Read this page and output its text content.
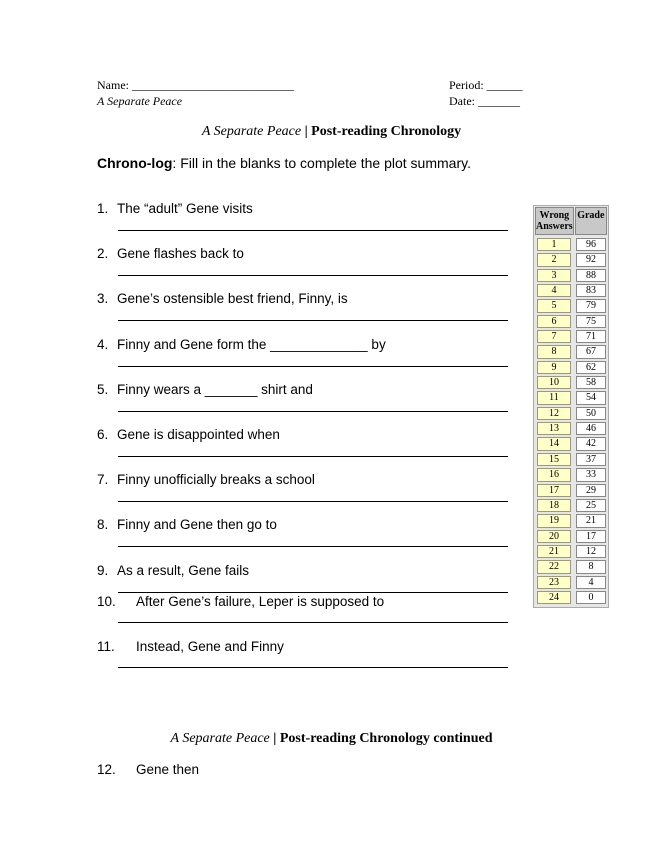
Name: ___________________________
A Separate Peace
Period: ______
Date: _______
A Separate Peace | Post-reading Chronology
Chrono-log: Fill in the blanks to complete the plot summary.
1. The “adult” Gene visits
2. Gene flashes back to
3. Gene’s ostensible best friend, Finny, is
4. Finny and Gene form the _____________ by
5. Finny wears a _______ shirt and
6. Gene is disappointed when
7. Finny unofficially breaks a school
8. Finny and Gene then go to
9. As a result, Gene fails
10. After Gene’s failure, Leper is supposed to
11. Instead, Gene and Finny
Wrong Answers
Grade
1	96
2	92
3	88
4	83
5	79
6	75
7	71
8	67
9	62
10	58
11	54
12	50
13	46
14	42
15	37
16	33
17	29
18	25
19	21
20	17
21	12
22	8
23	4
24	0
A Separate Peace | Post-reading Chronology continued
12. Gene then
